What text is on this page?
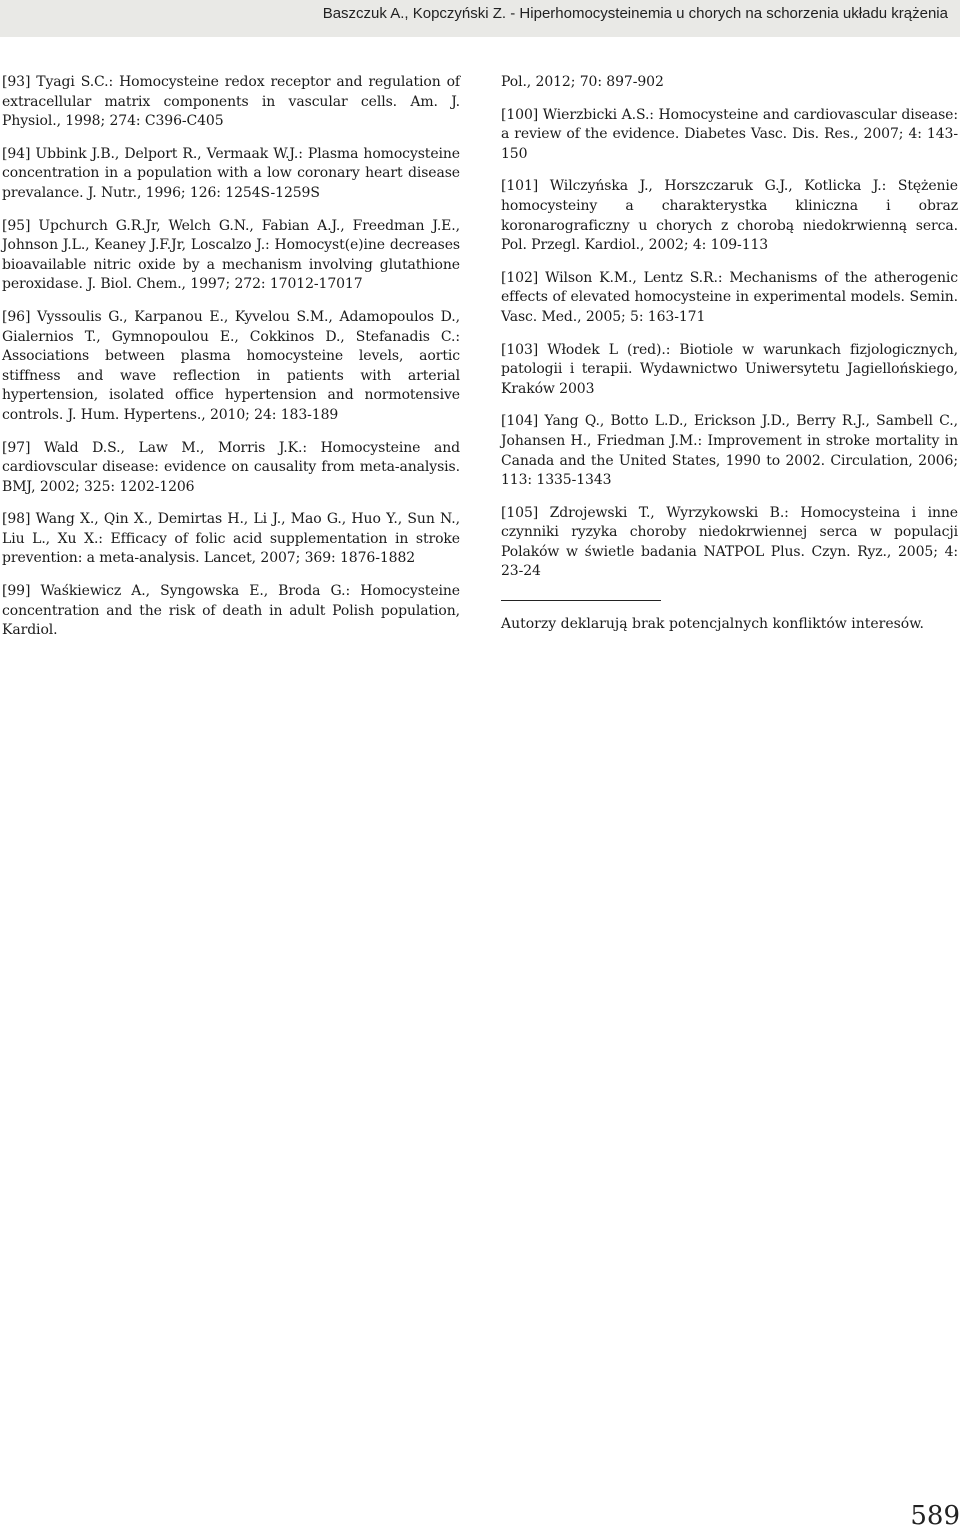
Baszczuk A., Kopczyński Z. - Hiperhomocysteinemia u chorych na schorzenia układu krążenia

[93] Tyagi S.C.: Homocysteine redox receptor and regulation of extracellular matrix components in vascular cells. Am. J. Physiol., 1998; 274: C396-C405

[94] Ubbink J.B., Delport R., Vermaak W.J.: Plasma homocysteine concentration in a population with a low coronary heart disease prevalance. J. Nutr., 1996; 126: 1254S-1259S

[95] Upchurch G.R.Jr, Welch G.N., Fabian A.J., Freedman J.E., Johnson J.L., Keaney J.F.Jr, Loscalzo J.: Homocyst(e)ine decreases bioavailable nitric oxide by a mechanism involving glutathione peroxidase. J. Biol. Chem., 1997; 272: 17012-17017

[96] Vyssoulis G., Karpanou E., Kyvelou S.M., Adamopoulos D., Gialernios T., Gymnopoulou E., Cokkinos D., Stefanadis C.: Associations between plasma homocysteine levels, aortic stiffness and wave reflection in patients with arterial hypertension, isolated office hypertension and normotensive controls. J. Hum. Hypertens., 2010; 24: 183-189

[97] Wald D.S., Law M., Morris J.K.: Homocysteine and cardiovscular disease: evidence on causality from meta-analysis. BMJ, 2002; 325: 1202-1206

[98] Wang X., Qin X., Demirtas H., Li J., Mao G., Huo Y., Sun N., Liu L., Xu X.: Efficacy of folic acid supplementation in stroke prevention: a meta-analysis. Lancet, 2007; 369: 1876-1882

[99] Waśkiewicz A., Syngowska E., Broda G.: Homocysteine concentration and the risk of death in adult Polish population, Kardiol.

Pol., 2012; 70: 897-902

[100] Wierzbicki A.S.: Homocysteine and cardiovascular disease: a review of the evidence. Diabetes Vasc. Dis. Res., 2007; 4: 143-150

[101] Wilczyńska J., Horszczaruk G.J., Kotlicka J.: Stężenie homocysteiny a charakterystka kliniczna i obraz koronarograficzny u chorych z chorobą niedokrwienną serca. Pol. Przegl. Kardiol., 2002; 4: 109-113

[102] Wilson K.M., Lentz S.R.: Mechanisms of the atherogenic effects of elevated homocysteine in experimental models. Semin. Vasc. Med., 2005; 5: 163-171

[103] Włodek L (red).: Biotiole w warunkach fizjologicznych, patologii i terapii. Wydawnictwo Uniwersytetu Jagiellońskiego, Kraków 2003

[104] Yang Q., Botto L.D., Erickson J.D., Berry R.J., Sambell C., Johansen H., Friedman J.M.: Improvement in stroke mortality in Canada and the United States, 1990 to 2002. Circulation, 2006; 113: 1335-1343

[105] Zdrojewski T., Wyrzykowski B.: Homocysteina i inne czynniki ryzyka choroby niedokrwiennej serca w populacji Polaków w świetle badania NATPOL Plus. Czyn. Ryz., 2005; 4: 23-24

Autorzy deklarują brak potencjalnych konfliktów interesów.

589
